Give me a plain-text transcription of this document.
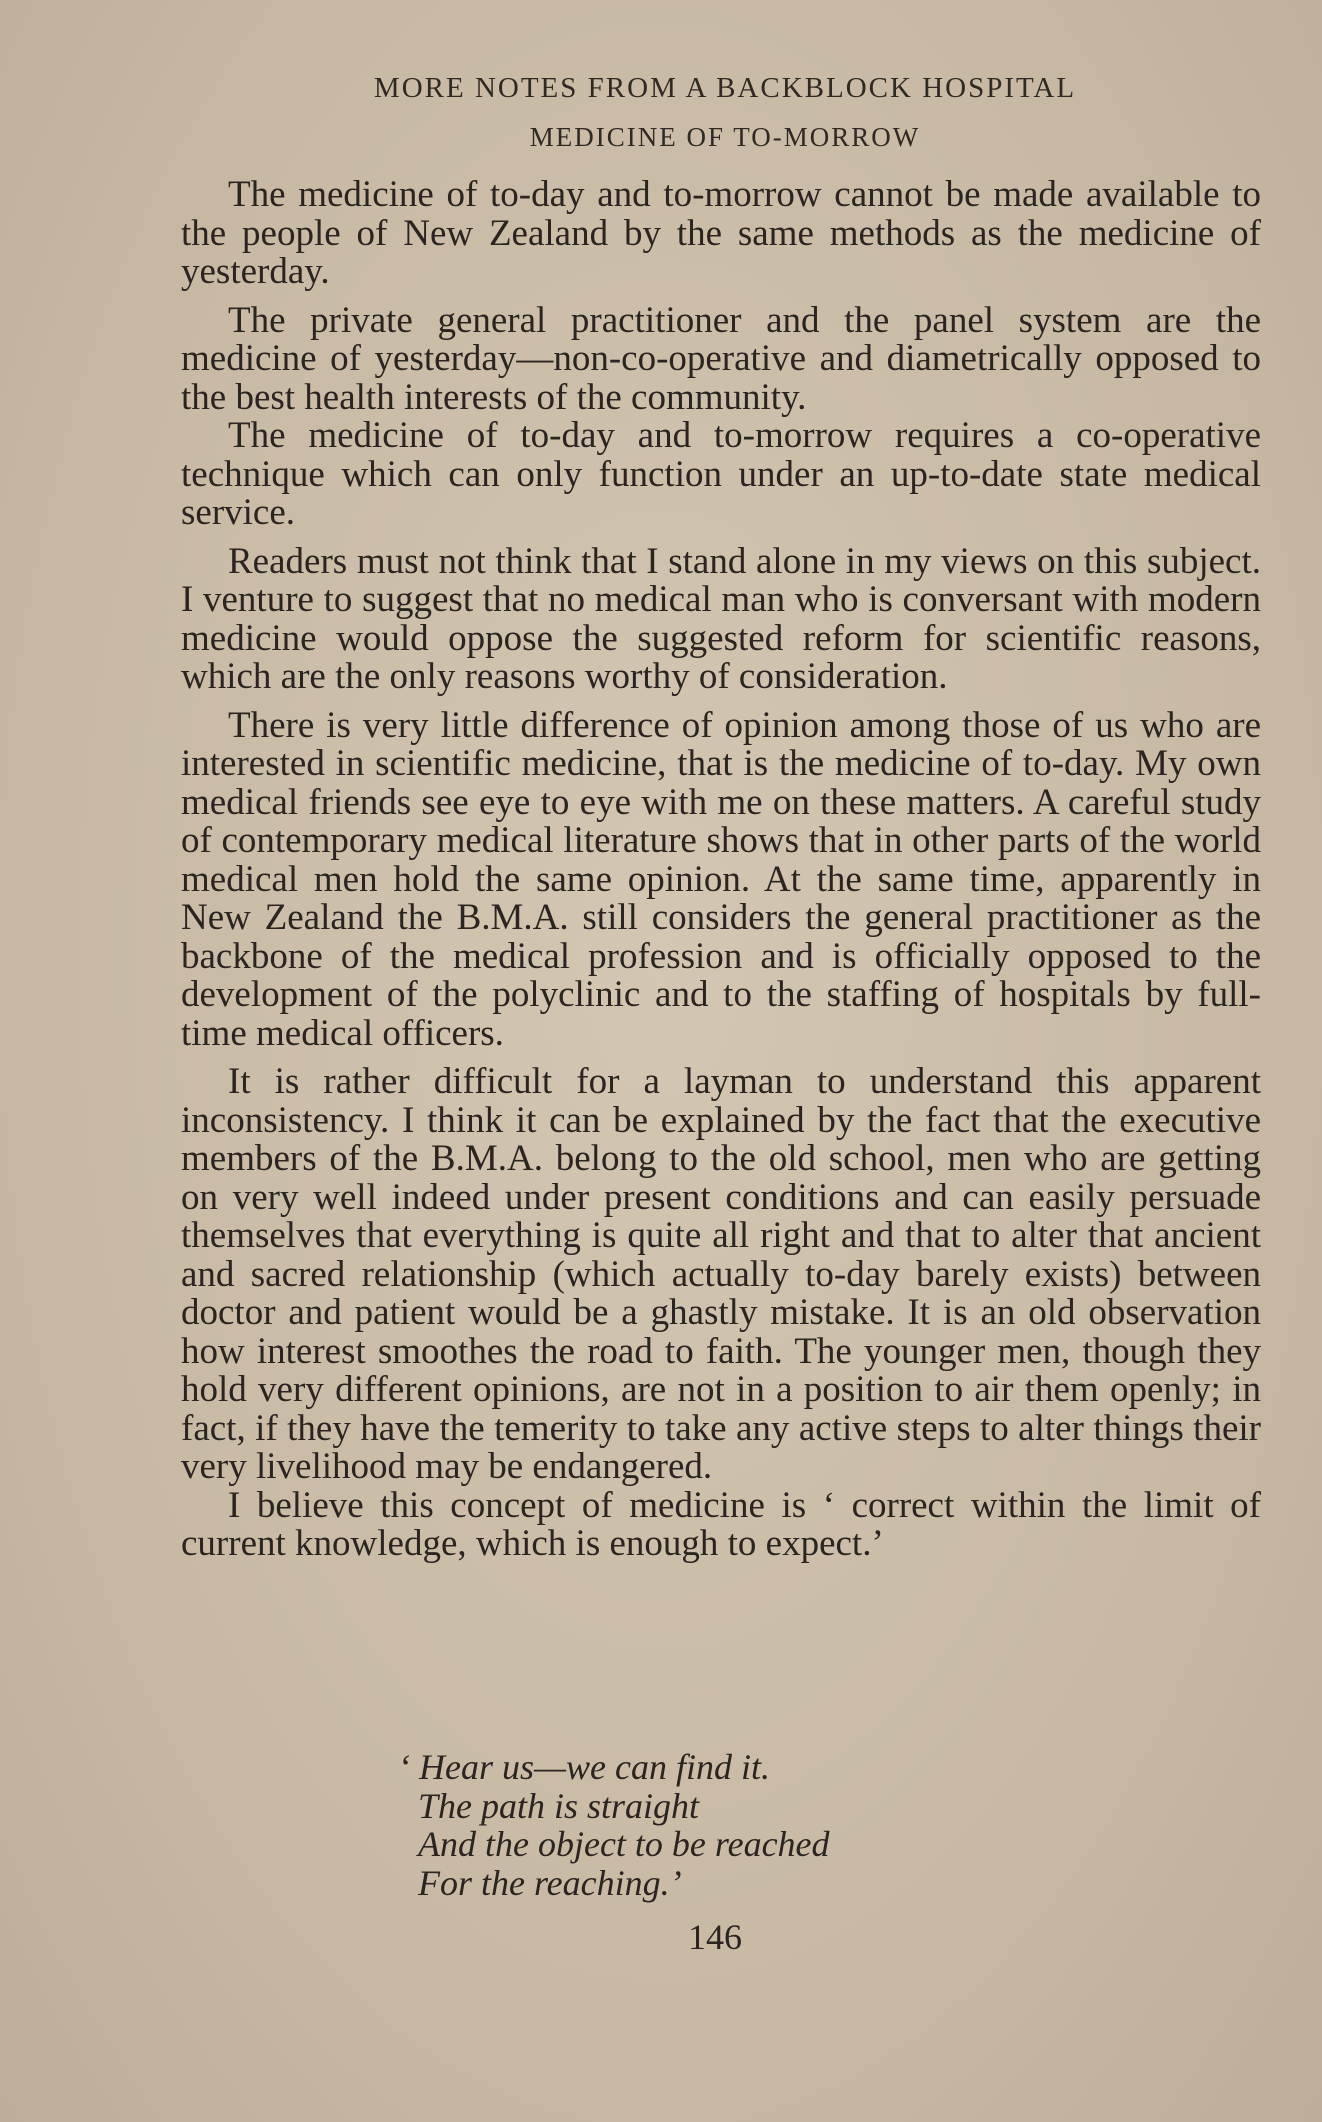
MORE NOTES FROM A BACKBLOCK HOSPITAL
MEDICINE OF TO-MORROW

The medicine of to-day and to-morrow cannot be made available to the people of New Zealand by the same methods as the medicine of yesterday.

The private general practitioner and the panel system are the medicine of yesterday—non-co-operative and diametrically opposed to the best health interests of the community.

The medicine of to-day and to-morrow requires a co-operative technique which can only function under an up-to-date state medical service.

Readers must not think that I stand alone in my views on this subject. I venture to suggest that no medical man who is conversant with modern medicine would oppose the suggested reform for scientific reasons, which are the only reasons worthy of consideration.

There is very little difference of opinion among those of us who are interested in scientific medicine, that is the medicine of to-day. My own medical friends see eye to eye with me on these matters. A careful study of contemporary medical literature shows that in other parts of the world medical men hold the same opinion. At the same time, apparently in New Zealand the B.M.A. still considers the general practitioner as the backbone of the medical profession and is officially opposed to the development of the polyclinic and to the staffing of hospitals by full-time medical officers.

It is rather difficult for a layman to understand this apparent inconsistency. I think it can be explained by the fact that the executive members of the B.M.A. belong to the old school, men who are getting on very well indeed under present conditions and can easily persuade themselves that everything is quite all right and that to alter that ancient and sacred relationship (which actually to-day barely exists) between doctor and patient would be a ghastly mistake. It is an old observation how interest smoothes the road to faith. The younger men, though they hold very different opinions, are not in a position to air them openly; in fact, if they have the temerity to take any active steps to alter things their very livelihood may be endangered.

I believe this concept of medicine is ‘ correct within the limit of current knowledge, which is enough to expect.’

‘ Hear us—we can find it.
The path is straight
And the object to be reached
For the reaching.’
146
